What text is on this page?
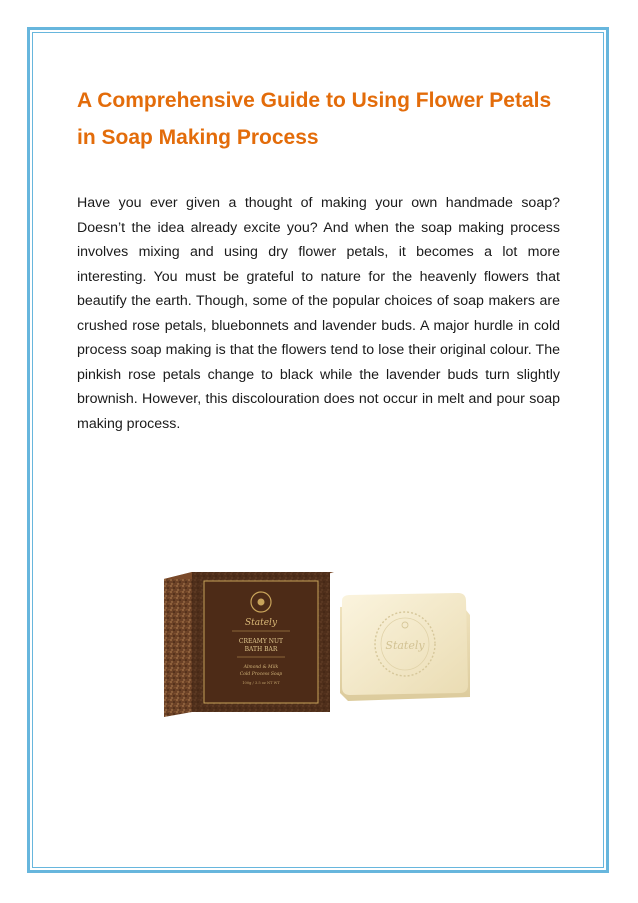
A Comprehensive Guide to Using Flower Petals in Soap Making Process

Have you ever given a thought of making your own handmade soap? Doesn’t the idea already excite you? And when the soap making process involves mixing and using dry flower petals, it becomes a lot more interesting. You must be grateful to nature for the heavenly flowers that beautify the earth. Though, some of the popular choices of soap makers are crushed rose petals, bluebonnets and lavender buds. A major hurdle in cold process soap making is that the flowers tend to lose their original colour. The pinkish rose petals change to black while the lavender buds turn slightly brownish. However, this discolouration does not occur in melt and pour soap making process.

Stately
CREAMY NUT
BATH BAR
Almond & Milk
Cold Process Soap
100g / 3.5 oz NT WT
Stately
